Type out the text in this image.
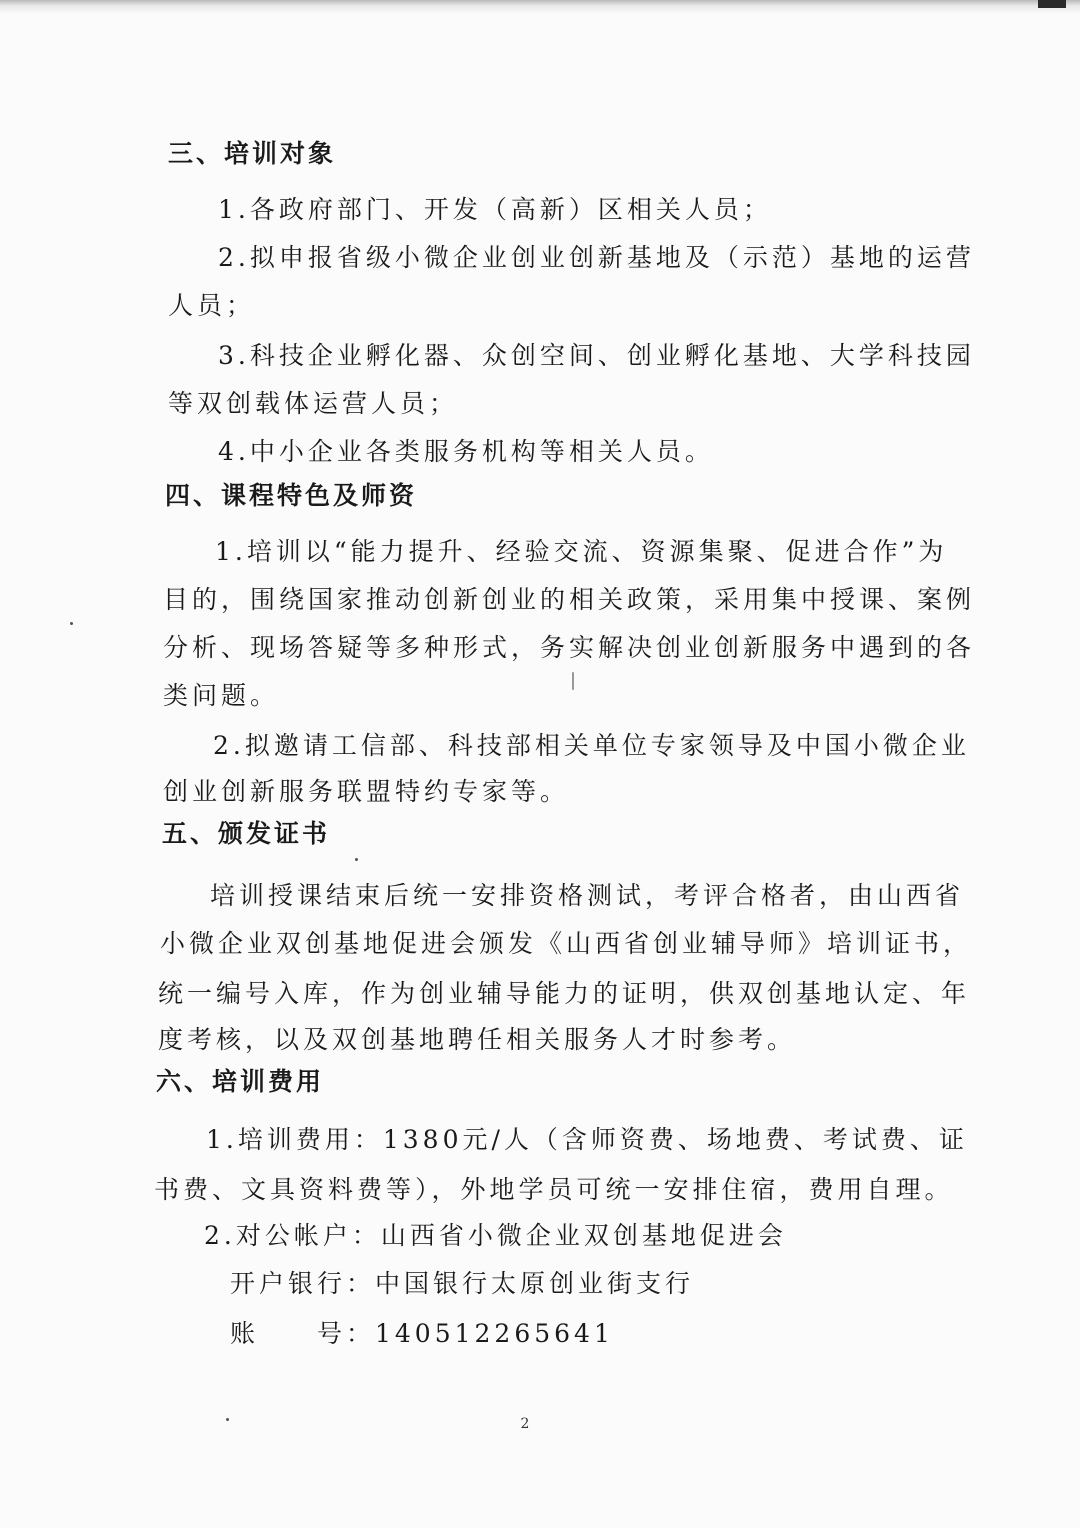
三、培训对象
1.各政府部门、开发（高新）区相关人员；
2.拟申报省级小微企业创业创新基地及（示范）基地的运营
人员；
3.科技企业孵化器、众创空间、创业孵化基地、大学科技园
等双创载体运营人员；
4.中小企业各类服务机构等相关人员。
四、课程特色及师资
1.培训以“能力提升、经验交流、资源集聚、促进合作”为
目的，围绕国家推动创新创业的相关政策，采用集中授课、案例
分析、现场答疑等多种形式，务实解决创业创新服务中遇到的各
类问题。
2.拟邀请工信部、科技部相关单位专家领导及中国小微企业
创业创新服务联盟特约专家等。
五、颁发证书
培训授课结束后统一安排资格测试，考评合格者，由山西省
小微企业双创基地促进会颁发《山西省创业辅导师》培训证书，
统一编号入库，作为创业辅导能力的证明，供双创基地认定、年
度考核，以及双创基地聘任相关服务人才时参考。
六、培训费用
1.培训费用：1380元/人（含师资费、场地费、考试费、证
书费、文具资料费等），外地学员可统一安排住宿，费用自理。
2.对公帐户：山西省小微企业双创基地促进会
开户银行：中国银行太原创业街支行
账　　号：140512265641
2
